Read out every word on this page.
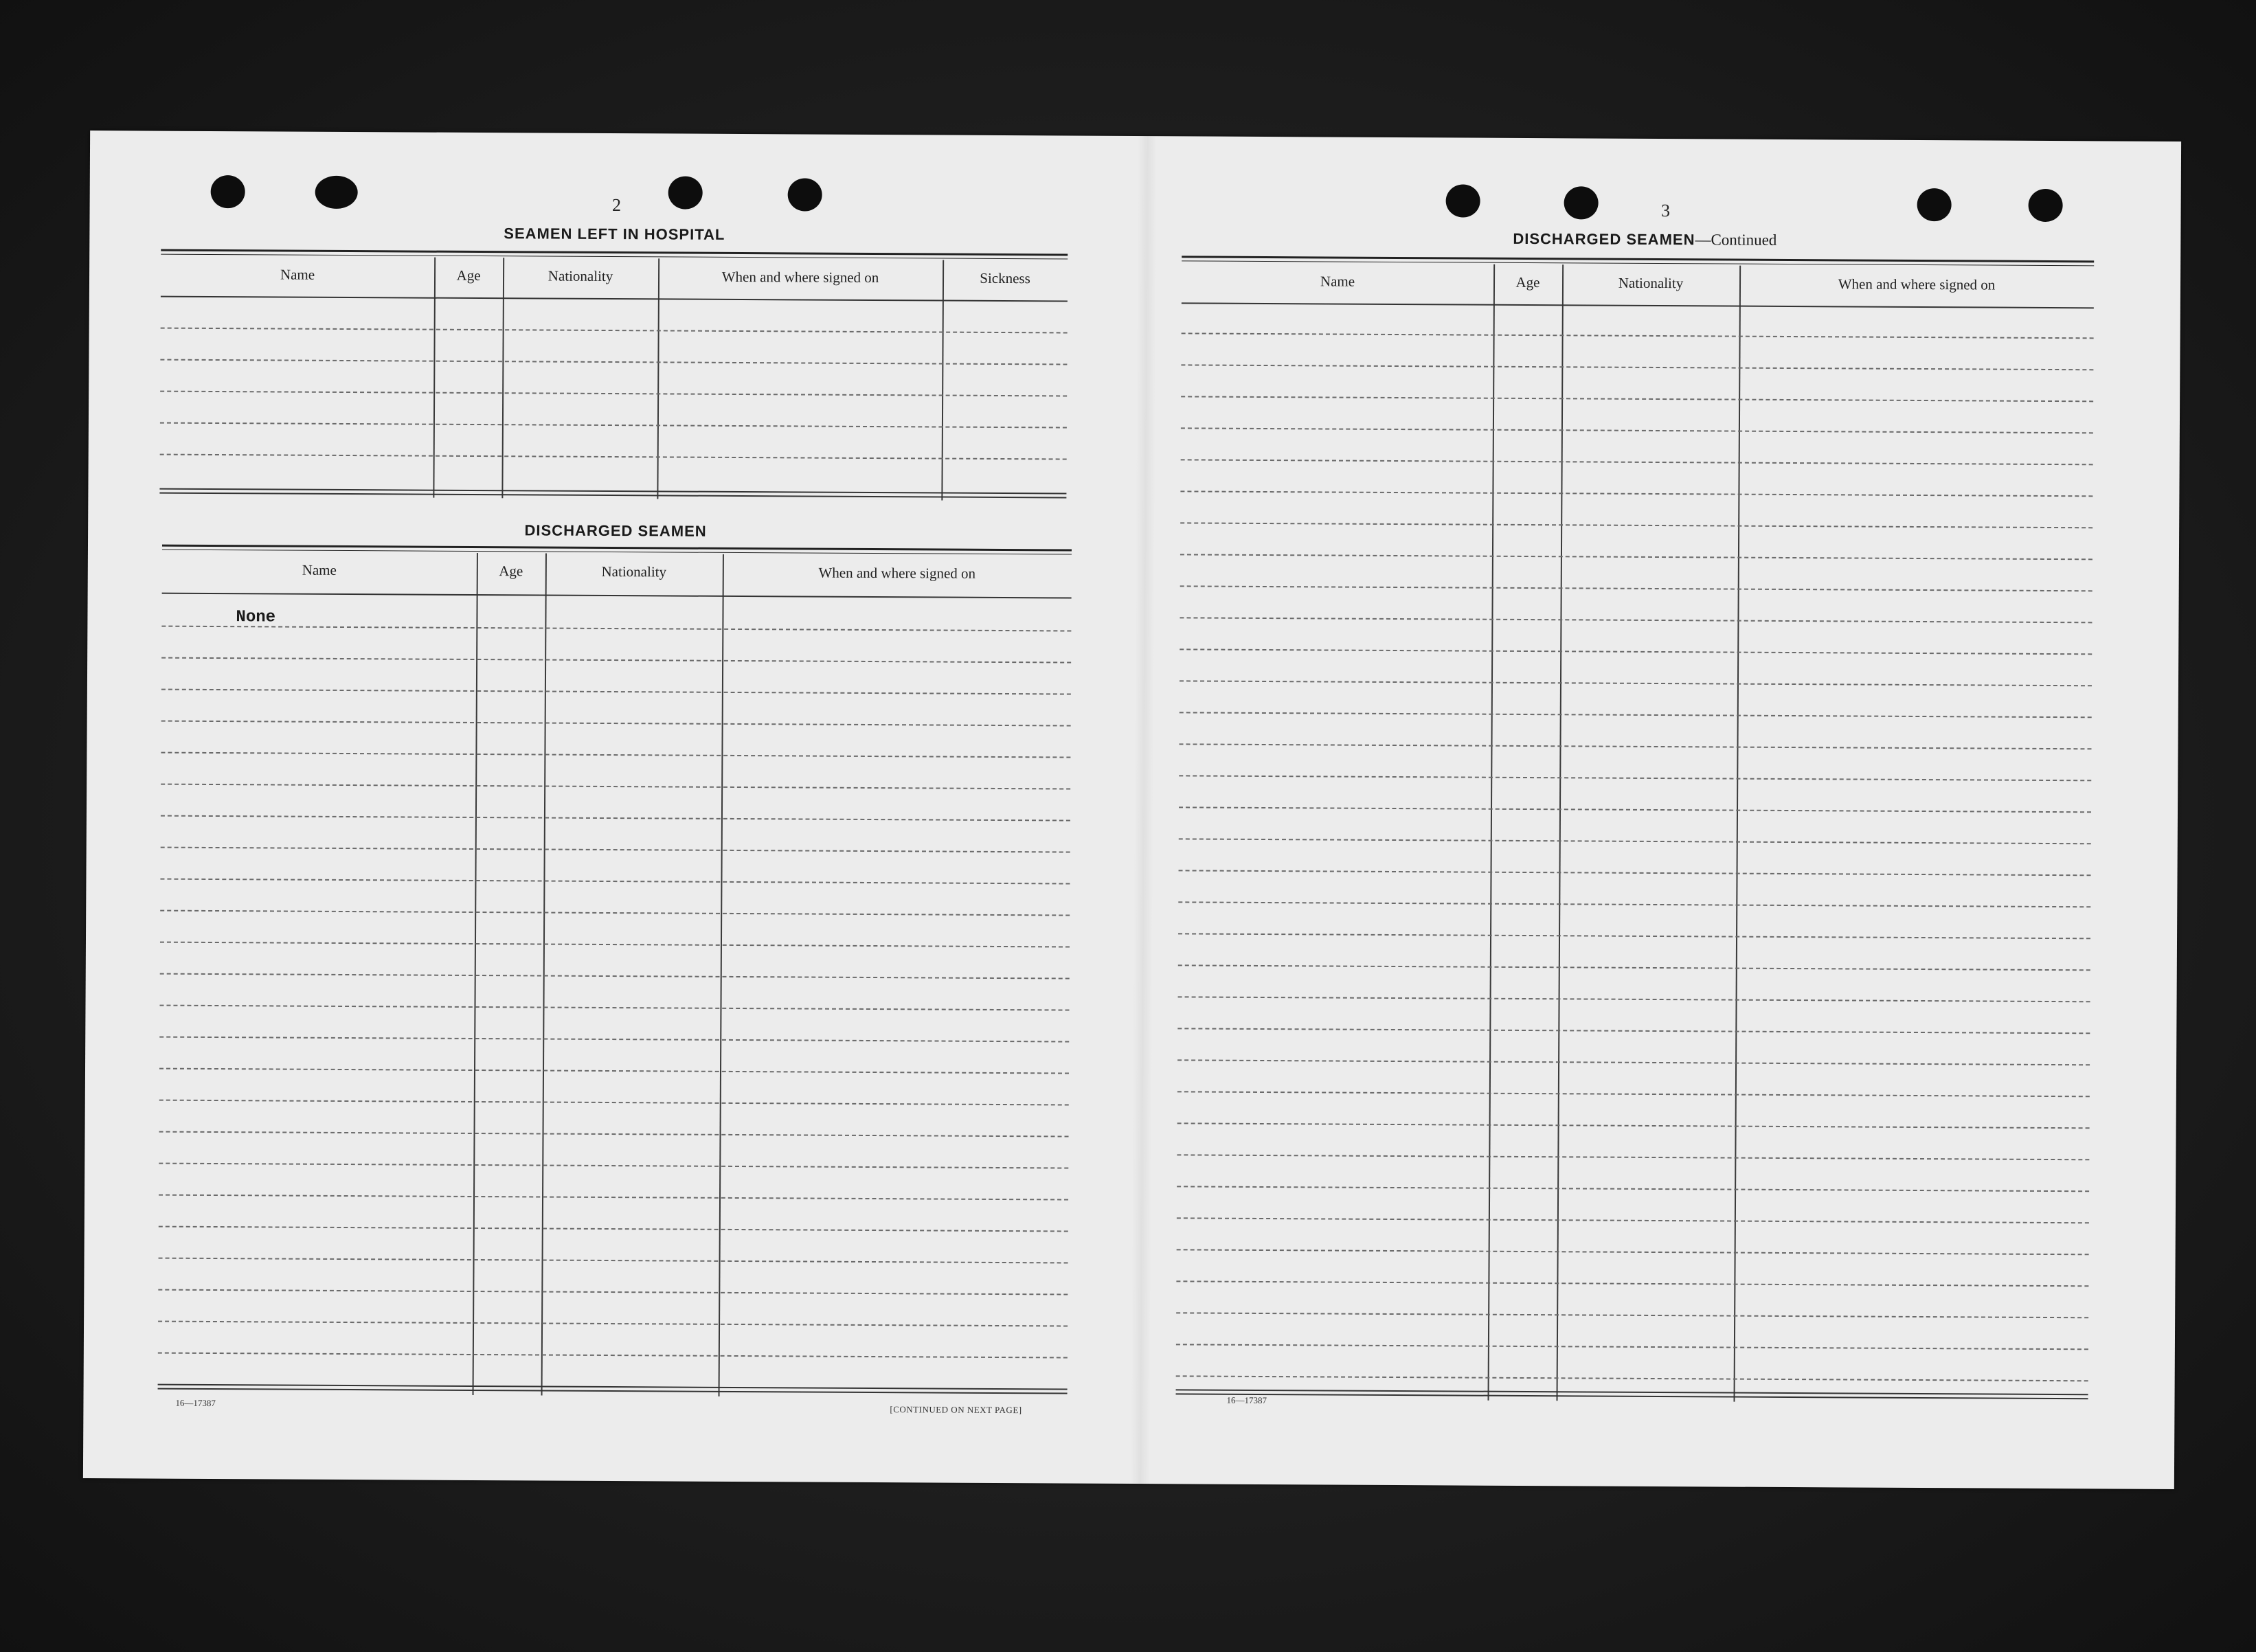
2
SEAMEN LEFT IN HOSPITAL
Name	Age	Nationality	When and where signed on	Sickness
DISCHARGED SEAMEN
Name	Age	Nationality	When and where signed on
None
16—17387
[CONTINUED ON NEXT PAGE]
3
DISCHARGED SEAMEN—Continued
Name	Age	Nationality	When and where signed on
16—17387
